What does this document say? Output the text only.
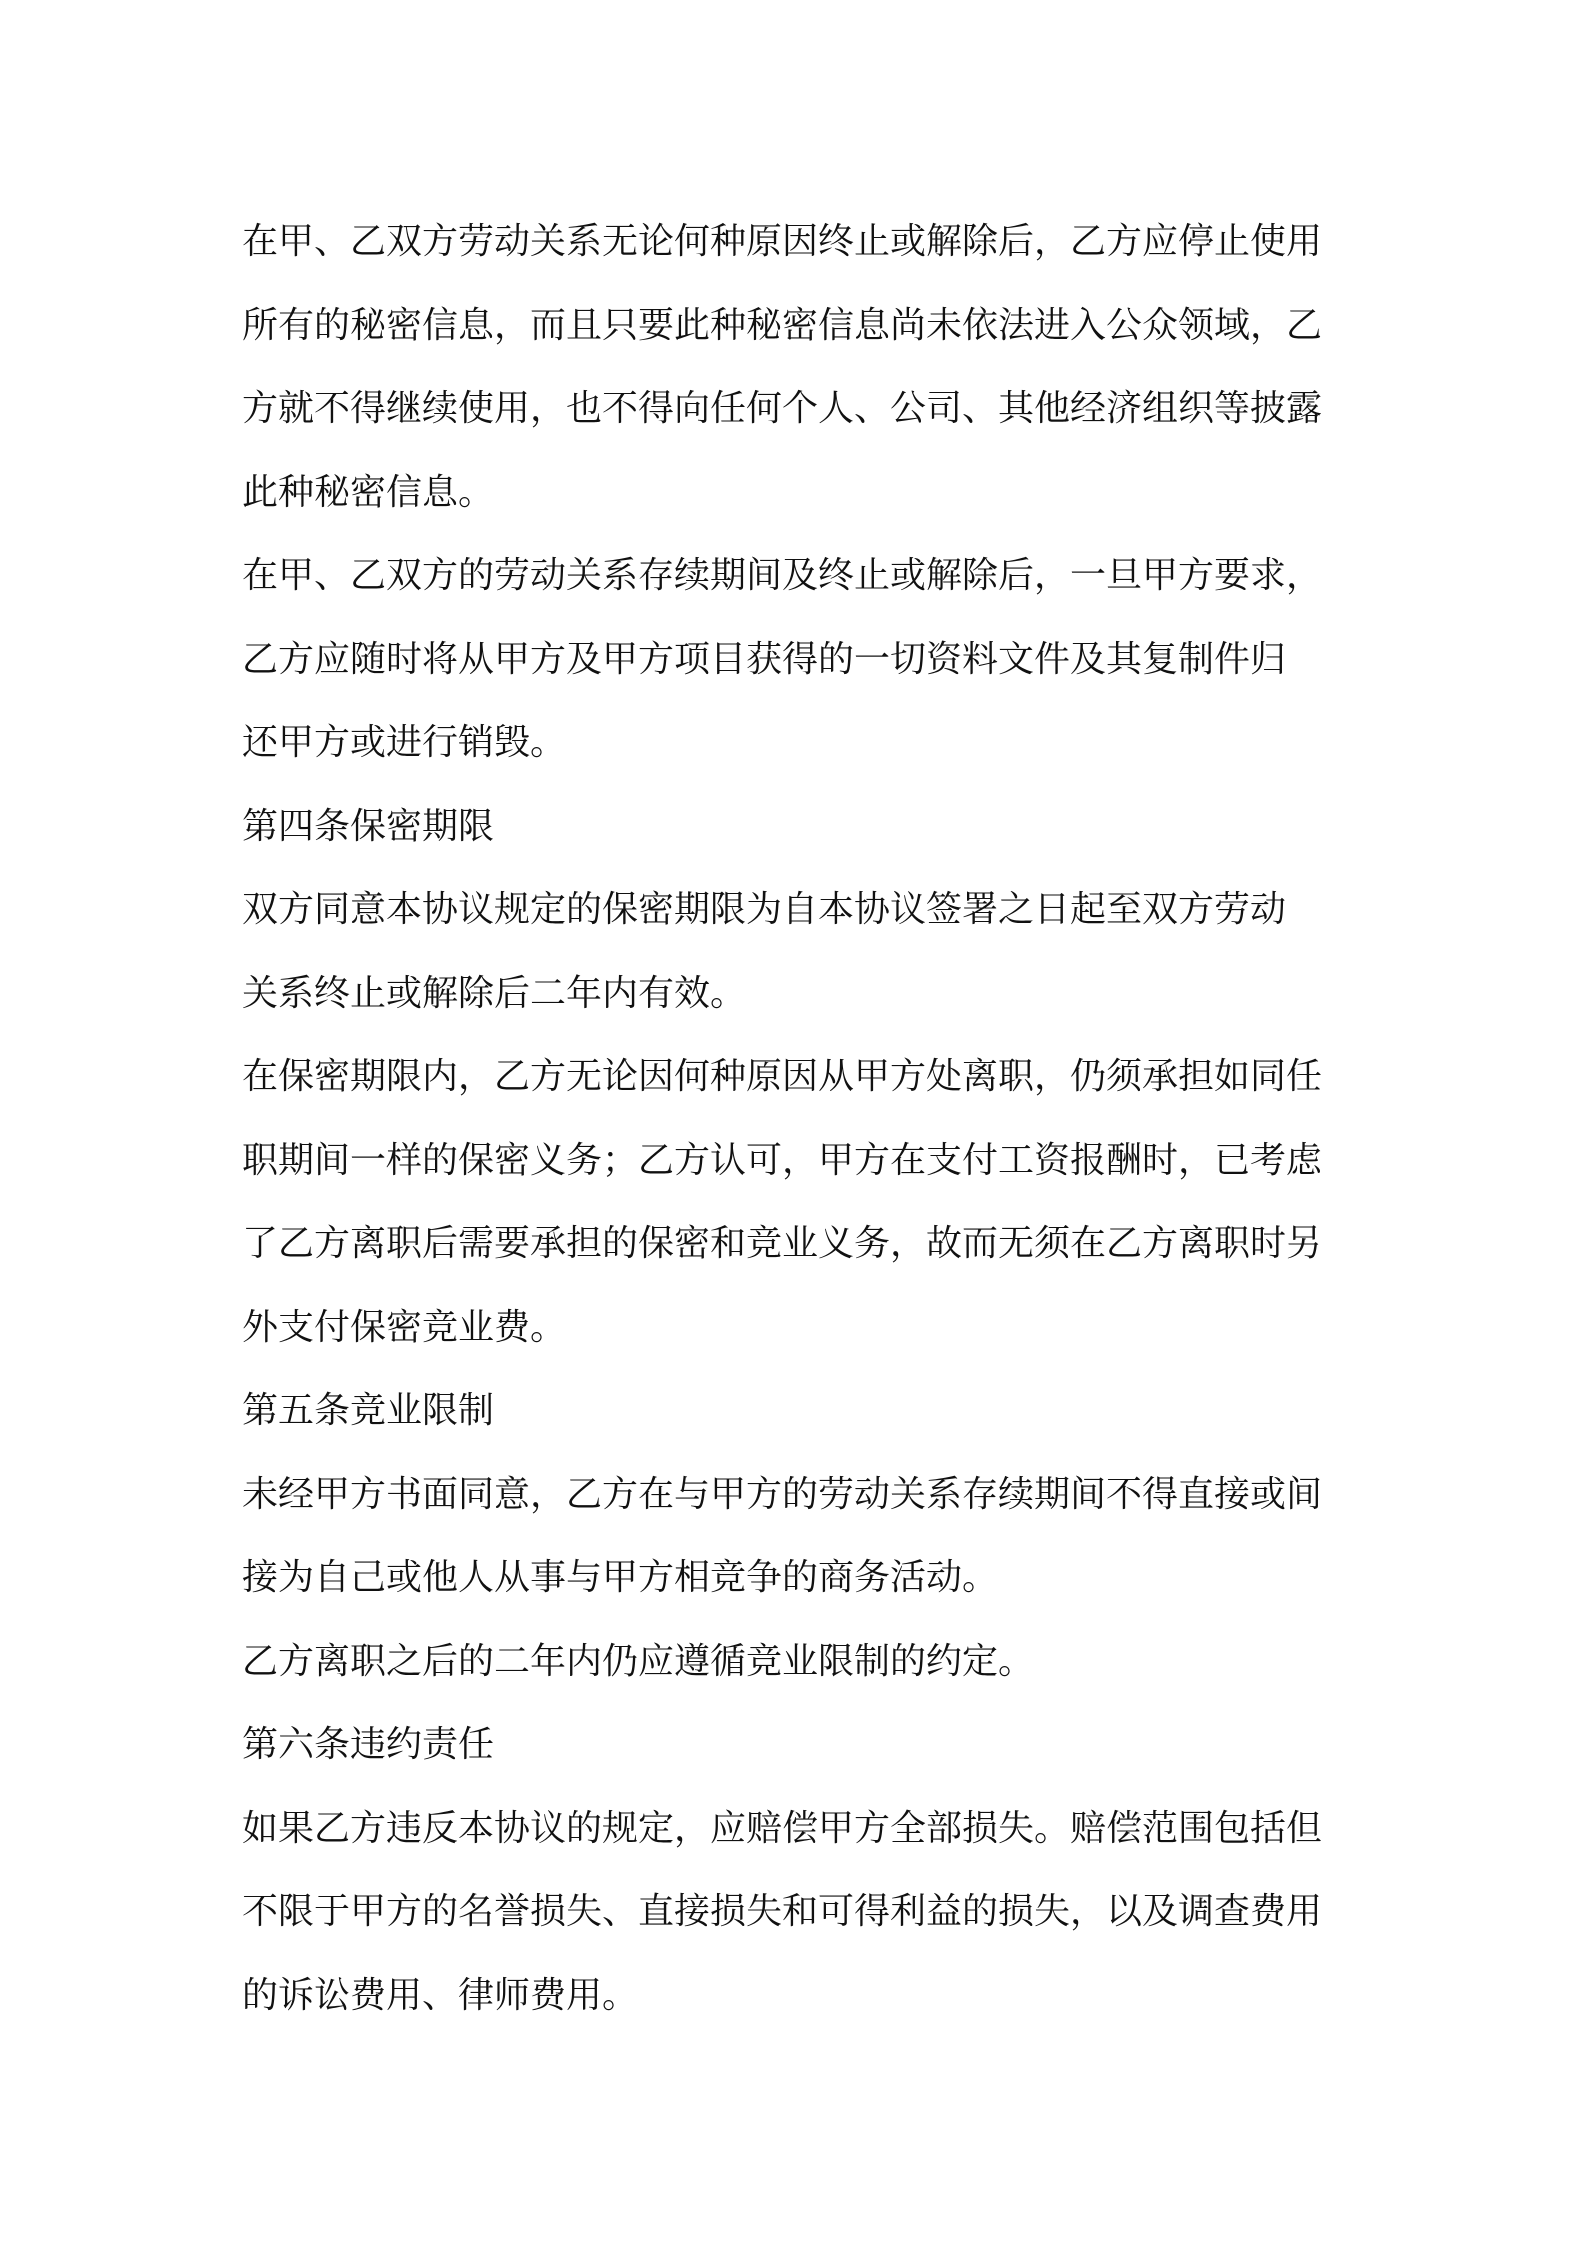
在甲、乙双方劳动关系无论何种原因终止或解除后，乙方应停止使用
所有的秘密信息，而且只要此种秘密信息尚未依法进入公众领域，乙
方就不得继续使用，也不得向任何个人、公司、其他经济组织等披露
此种秘密信息。

在甲、乙双方的劳动关系存续期间及终止或解除后，一旦甲方要求，
乙方应随时将从甲方及甲方项目获得的一切资料文件及其复制件归
还甲方或进行销毁。

第四条保密期限

双方同意本协议规定的保密期限为自本协议签署之日起至双方劳动
关系终止或解除后二年内有效。

在保密期限内，乙方无论因何种原因从甲方处离职，仍须承担如同任
职期间一样的保密义务；乙方认可，甲方在支付工资报酬时，已考虑
了乙方离职后需要承担的保密和竞业义务，故而无须在乙方离职时另
外支付保密竞业费。

第五条竞业限制

未经甲方书面同意，乙方在与甲方的劳动关系存续期间不得直接或间
接为自己或他人从事与甲方相竞争的商务活动。

乙方离职之后的二年内仍应遵循竞业限制的约定。

第六条违约责任

如果乙方违反本协议的规定，应赔偿甲方全部损失。赔偿范围包括但
不限于甲方的名誉损失、直接损失和可得利益的损失，以及调查费用
的诉讼费用、律师费用。
